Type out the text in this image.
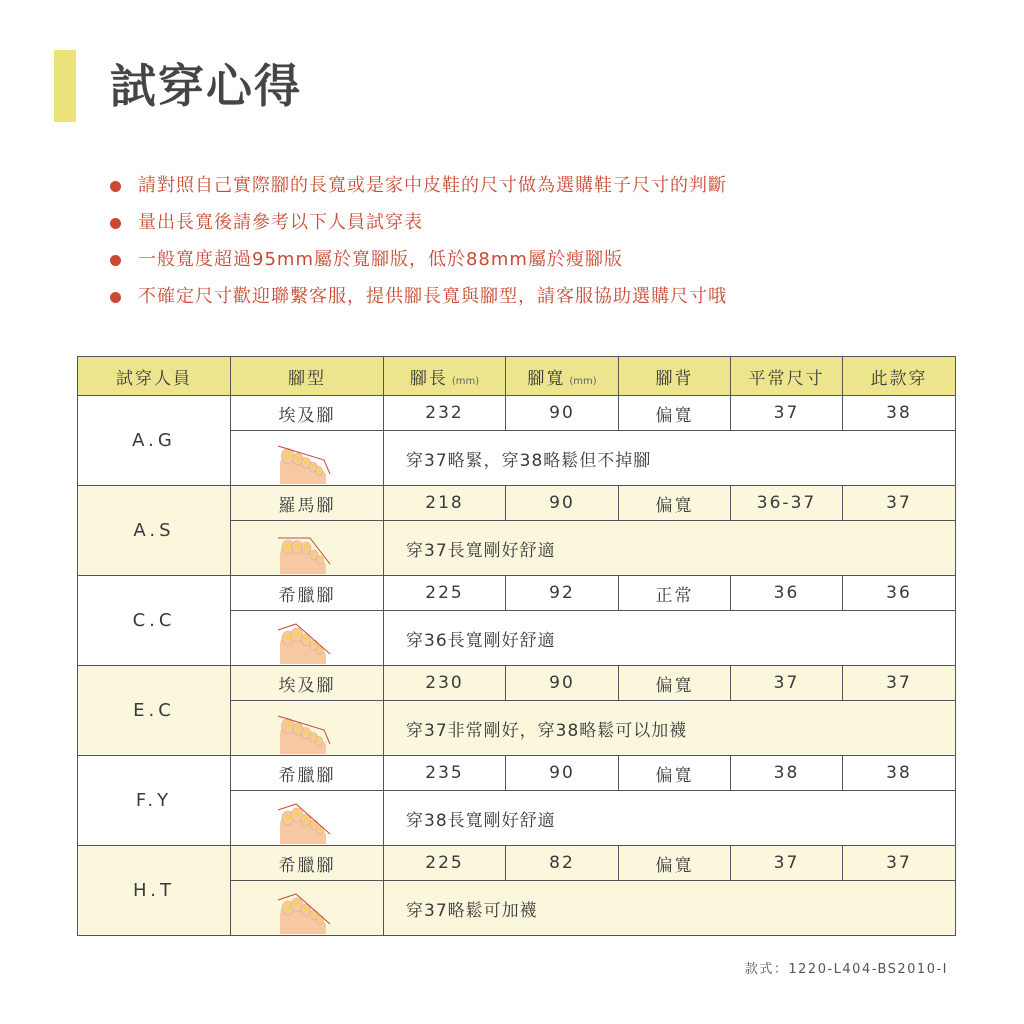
試穿心得
請對照自己實際腳的長寬或是家中皮鞋的尺寸做為選購鞋子尺寸的判斷
量出長寬後請參考以下人員試穿表
一般寬度超過95mm屬於寬腳版，低於88mm屬於瘦腳版
不確定尺寸歡迎聯繫客服，提供腳長寬與腳型，請客服協助選購尺寸哦
試穿人員	腳型	腳長 (mm)	腳寬 (mm)	腳背	平常尺寸	此款穿
A.G	埃及腳	232	90	偏寬	37	38

	穿37略緊，穿38略鬆但不掉腳				
A.S	羅馬腳	218	90	偏寬	36-37	37

	穿37長寬剛好舒適				
C.C	希臘腳	225	92	正常	36	36

	穿36長寬剛好舒適				
E.C	埃及腳	230	90	偏寬	37	37

	穿37非常剛好，穿38略鬆可以加襪				
F.Y	希臘腳	235	90	偏寬	38	38

	穿38長寬剛好舒適				
H.T	希臘腳	225	82	偏寬	37	37

	穿37略鬆可加襪				
款式：1220-L404-BS2010-I
